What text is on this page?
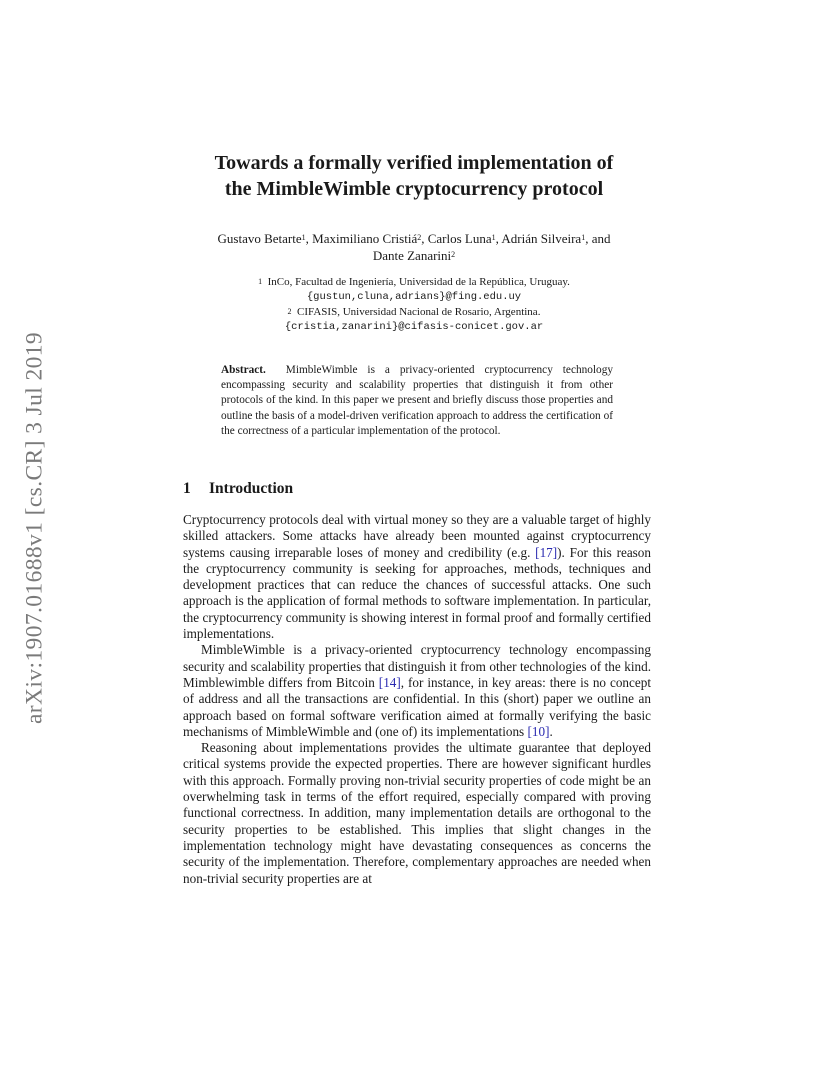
arXiv:1907.01688v1 [cs.CR] 3 Jul 2019
Towards a formally verified implementation of
the MimbleWimble cryptocurrency protocol
Gustavo Betarte$^1$, Maximiliano Cristiá$^2$, Carlos Luna$^1$, Adrián Silveira$^1$, and
Dante Zanarini$^2$
$^1$ InCo, Facultad de Ingeniería, Universidad de la República, Uruguay.
{gustun,cluna,adrians}@fing.edu.uy
$^2$ CIFASIS, Universidad Nacional de Rosario, Argentina.
{cristia,zanarini}@cifasis-conicet.gov.ar
Abstract. MimbleWimble is a privacy-oriented cryptocurrency technology encompassing security and scalability properties that distinguish it from other protocols of the kind. In this paper we present and briefly discuss those properties and outline the basis of a model-driven verification approach to address the certification of the correctness of a particular implementation of the protocol.
1 Introduction

Cryptocurrency protocols deal with virtual money so they are a valuable target of highly skilled attackers. Some attacks have already been mounted against cryptocurrency systems causing irreparable loses of money and credibility (e.g. [17]). For this reason the cryptocurrency community is seeking for approaches, methods, techniques and development practices that can reduce the chances of successful attacks. One such approach is the application of formal methods to software implementation. In particular, the cryptocurrency community is showing interest in formal proof and formally certified implementations.

MimbleWimble is a privacy-oriented cryptocurrency technology encompassing security and scalability properties that distinguish it from other technologies of the kind. Mimblewimble differs from Bitcoin [14], for instance, in key areas: there is no concept of address and all the transactions are confidential. In this (short) paper we outline an approach based on formal software verification aimed at formally verifying the basic mechanisms of MimbleWimble and (one of) its implementations [10].

Reasoning about implementations provides the ultimate guarantee that deployed critical systems provide the expected properties. There are however significant hurdles with this approach. Formally proving non-trivial security properties of code might be an overwhelming task in terms of the effort required, especially compared with proving functional correctness. In addition, many implementation details are orthogonal to the security properties to be established. This implies that slight changes in the implementation technology might have devastating consequences as concerns the security of the implementation. Therefore, complementary approaches are needed when non-trivial security properties are at
